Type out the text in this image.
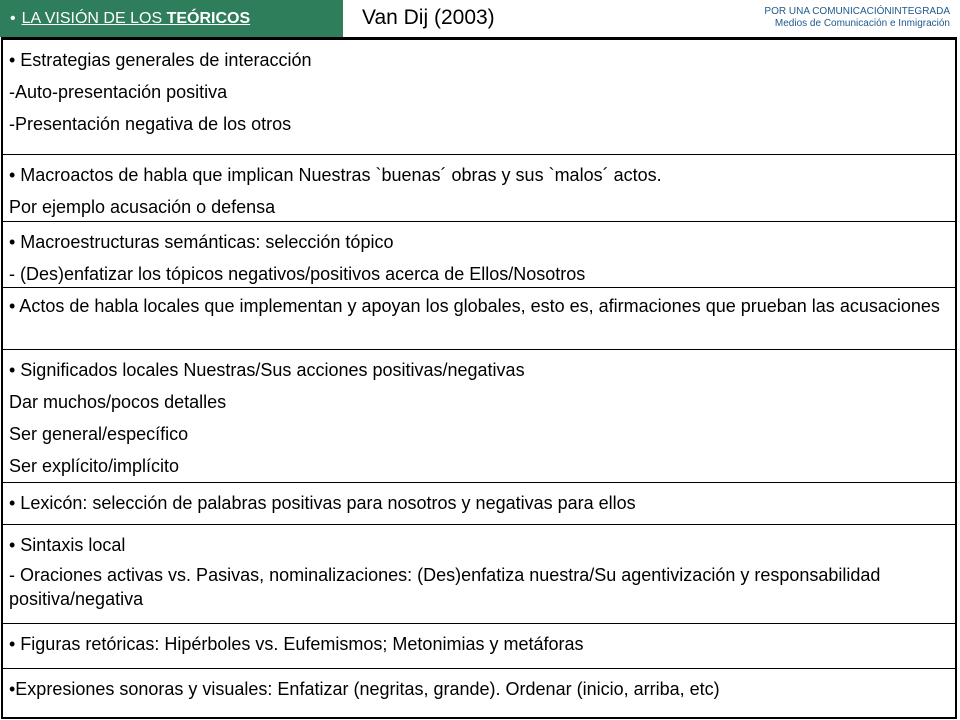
• LA VISIÓN DE LOS TEÓRICOS	Van Dij (2003)	POR UNA COMUNICACIÓNINTEGRADA
Medios de Comunicación e Inmigración
• Estrategias generales de interacción
-Auto-presentación positiva
-Presentación negativa de los otros
• Macroactos de habla que implican Nuestras `buenas´ obras y sus `malos´ actos.
Por ejemplo acusación o defensa
• Macroestructuras semánticas: selección tópico
- (Des)enfatizar los tópicos negativos/positivos acerca de Ellos/Nosotros
• Actos de habla locales que implementan y apoyan los globales, esto es, afirmaciones que prueban las acusaciones
• Significados locales Nuestras/Sus acciones positivas/negativas
Dar muchos/pocos detalles
Ser general/específico
Ser explícito/implícito
• Lexicón: selección de palabras positivas para nosotros y negativas para ellos
• Sintaxis local
- Oraciones activas vs. Pasivas, nominalizaciones: (Des)enfatiza nuestra/Su agentivización y responsabilidad positiva/negativa
• Figuras retóricas: Hipérboles vs. Eufemismos; Metonimias y metáforas
•Expresiones sonoras y visuales: Enfatizar (negritas, grande). Ordenar (inicio, arriba, etc)
